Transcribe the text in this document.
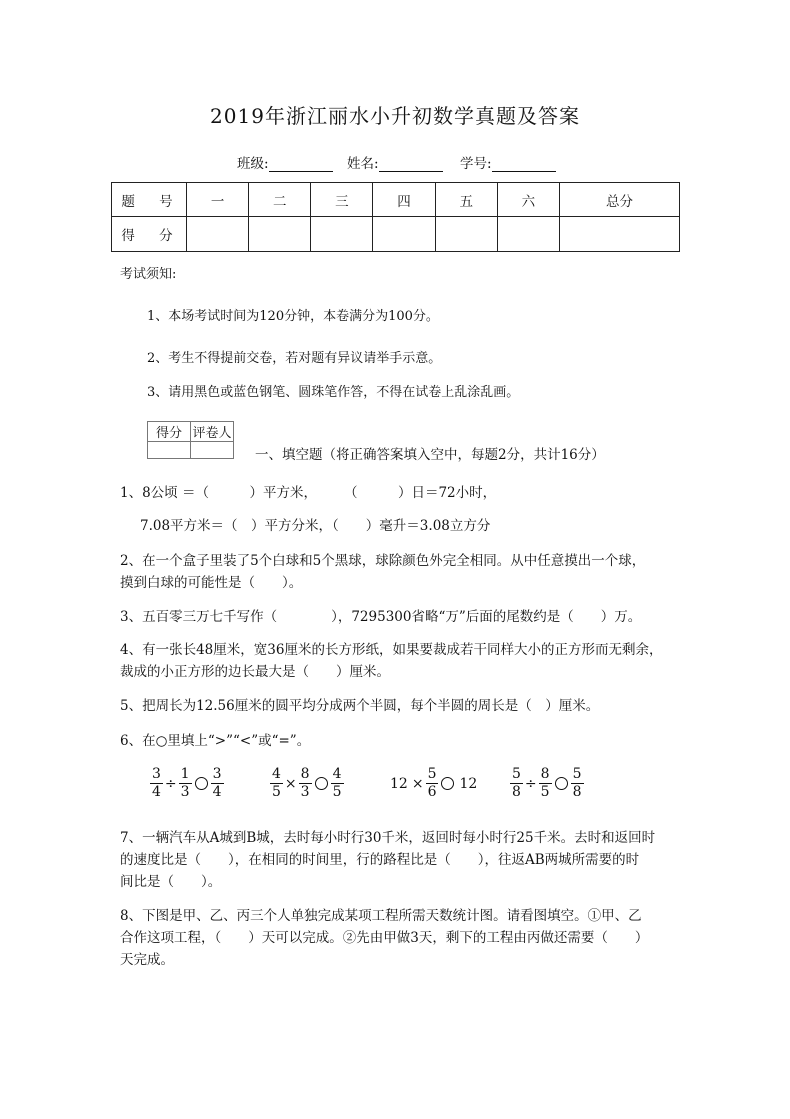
2019年浙江丽水小升初数学真题及答案
班级:	姓名:	学号:
题 号	一	二	三	四	五	六	总分
得 分							
考试须知:
1、本场考试时间为120分钟，本卷满分为100分。
2、考生不得提前交卷，若对题有异议请举手示意。
3、请用黑色或蓝色钢笔、圆珠笔作答，不得在试卷上乱涂乱画。
得分	评卷人

一、填空题（将正确答案填入空中，每题2分，共计16分）
1、8公顷 ＝（　　　）平方米，　　　（　　　）日＝72小时，
7.08平方米＝（　）平方分米，（　　）毫升＝3.08立方分
2、在一个盒子里装了5个白球和5个黑球，球除颜色外完全相同。从中任意摸出一个球，
摸到白球的可能性是（　　）。
3、五百零三万七千写作（　　　　），7295300省略“万”后面的尾数约是（　　）万。
4、有一张长48厘米，宽36厘米的长方形纸，如果要裁成若干同样大小的正方形而无剩余，
裁成的小正方形的边长最大是（　　）厘米。
5、把周长为12.56厘米的圆平均分成两个半圆，每个半圆的周长是（　）厘米。
6、在○里填上“>”“<”或“=”。
$\frac{3}{4} \div \frac{1}{3} \frac{3}{4}$	$\frac{4}{5} \times \frac{8}{3} \frac{4}{5}$	$12 \times \frac{5}{6} 12 \frac{5}{8} \div \frac{8}{5} \frac{5}{8}$
7、一辆汽车从A城到B城，去时每小时行30千米，返回时每小时行25千米。去时和返回时
的速度比是（　　），在相同的时间里，行的路程比是（　　），往返AB两城所需要的时
间比是（　　）。
8、下图是甲、乙、丙三个人单独完成某项工程所需天数统计图。请看图填空。①甲、乙
合作这项工程，（　　）天可以完成。②先由甲做3天，剩下的工程由丙做还需要（　　）
天完成。
